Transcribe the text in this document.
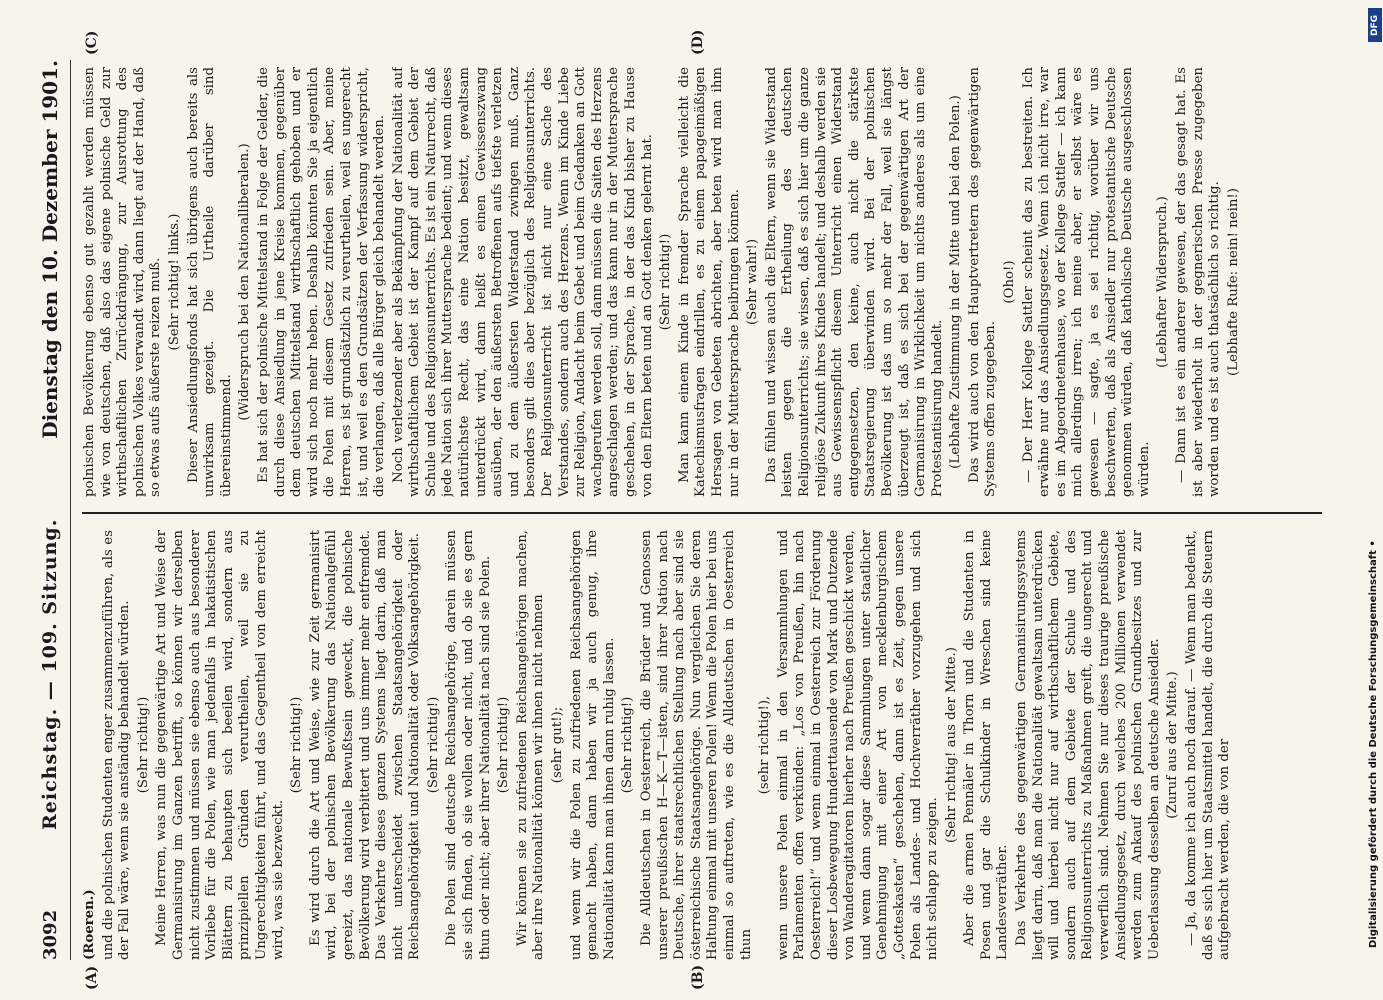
3092
Reichstag. — 109. Sitzung.
Dienstag den 10. Dezember 1901.
(A)	(B)
(C)	(D)

(Roeren.) und die polnischen Studenten enger zusammenzuführen, als es der Fall wäre, wenn sie anständig behandelt würden. (Sehr richtig!) Meine Herren, was nun die gegenwärtige Art und Weise der Germanisirung im Ganzen betrifft, so können wir derselben nicht zustimmen und müssen sie ebenso auch aus besonderer Vorliebe für die Polen, wie man jedenfalls in hakatistischen Blättern zu behaupten sich beeilen wird, sondern aus prinzipiellen Gründen verurtheilen, weil sie zu Ungerechtigkeiten führt, und das Gegentheil von dem erreicht wird, was sie bezweckt.

(Sehr richtig!) Es wird durch die Art und Weise, wie zur Zeit germanisirt wird, bei der polnischen Bevölkerung das Nationalgefühl gereizt, das nationale Bewußtsein geweckt, die polnische Bevölkerung wird verbittert und uns immer mehr entfremdet. Das Verkehrte dieses ganzen Systems liegt darin, daß man nicht unterscheidet zwischen Staatsangehörigkeit oder Reichsangehörigkeit und Nationalität oder Volksangehörigkeit. (Sehr richtig!) Die Polen sind deutsche Reichsangehörige, darein müssen sie sich finden, ob sie wollen oder nicht, und ob sie es gern thun oder nicht; aber ihrer Nationalität nach sind sie Polen. (Sehr richtig!) Wir können sie zu zufriedenen Reichsangehörigen machen, aber ihre Nationalität können wir ihnen nicht nehmen (sehr gut!); und wenn wir die Polen zu zufriedenen Reichsangehörigen gemacht haben, dann haben wir ja auch genug, ihre Nationalität kann man ihnen dann ruhig lassen. (Sehr richtig!) Die Alldeutschen in Oesterreich, die Brüder und Genossen unserer preußischen H—K—T—isten, sind ihrer Nation nach Deutsche, ihrer staatsrechtlichen Stellung nach aber sind sie österreichische Staatsangehörige. Nun vergleichen Sie deren Haltung einmal mit unseren Polen! Wenn die Polen hier bei uns einmal so auftreten, wie es die Alldeutschen in Oesterreich thun

(sehr richtig!), wenn unsere Polen einmal in den Versammlungen und Parlamenten offen verkünden: „Los von Preußen, hin nach Oesterreich!“ und wenn einmal in Oesterreich zur Förderung dieser Losbewegung Hunderttausende von Mark und Dutzende von Wanderagitatoren hierher nach Preußen geschickt werden, und wenn dann sogar diese Sammlungen unter staatlicher Genehmigung mit einer Art von mecklenburgischem „Gotteskasten“ geschehen, dann ist es Zeit, gegen unsere Polen als Landes- und Hochverräther vorzugehen und sich nicht schlapp zu zeigen.

(Sehr richtig! aus der Mitte.) Aber die armen Pennäler in Thorn und die Studenten in Posen und gar die Schulkinder in Wreschen sind keine Landesverräther. Das Verkehrte des gegenwärtigen Germanisirungssystems liegt darin, daß man die Nationalität gewaltsam unterdrücken will und hierbei nicht nur auf wirthschaftlichem Gebiete, sondern auch auf dem Gebiete der Schule und des Religionsunterrichts zu Maßnahmen greift, die ungerecht und verwerflich sind. Nehmen Sie nur dieses traurige preußische Ansiedlungsgesetz, durch welches 200 Millionen verwendet werden zum Ankauf des polnischen Grundbesitzes und zur Ueberlassung desselben an deutsche Ansiedler. (Zuruf aus der Mitte.) — Ja, da komme ich auch noch darauf. — Wenn man bedenkt, daß es sich hier um Staatsmittel handelt, die durch die Steuern aufgebracht werden, die von der

polnischen Bevölkerung ebenso gut gezahlt werden müssen wie von deutschen, daß also das eigene polnische Geld zur wirthschaftlichen Zurückdrängung, zur Ausrottung des polnischen Volkes verwandt wird, dann liegt auf der Hand, daß so etwas aufs äußerste reizen muß. (Sehr richtig! links.) Dieser Ansiedlungsfonds hat sich übrigens auch bereits als unwirksam gezeigt. Die Urtheile darüber sind übereinstimmend.

(Widerspruch bei den Nationalliberalen.) Es hat sich der polnische Mittelstand in Folge der Gelder, die durch diese Ansiedlung in jene Kreise kommen, gegenüber dem deutschen Mittelstand wirthschaftlich gehoben und er wird sich noch mehr heben. Deshalb könnten Sie ja eigentlich die Polen mit diesem Gesetz zufrieden sein. Aber, meine Herren, es ist grundsätzlich zu verurtheilen, weil es ungerecht ist, und weil es den Grundsätzen der Verfassung widerspricht, die verlangen, daß alle Bürger gleich behandelt werden. Noch verletzender aber als Bekämpfung der Nationalität auf wirthschaftlichem Gebiet ist der Kampf auf dem Gebiet der Schule und des Religionsunterrichts. Es ist ein Naturrecht, daß jede Nation sich ihrer Muttersprache bedient; und wenn dieses natürlichste Recht, das eine Nation besitzt, gewaltsam unterdrückt wird, dann heißt es einen Gewissenszwang ausüben, der den äußersten Betroffenen aufs tiefste verletzen und zu dem äußersten Widerstand zwingen muß. Ganz besonders gilt dies aber bezüglich des Religionsunterrichts. Der Religionsunterricht ist nicht nur eine Sache des Verstandes, sondern auch des Herzens. Wenn im Kinde Liebe zur Religion, Andacht beim Gebet und beim Gedanken an Gott wachgerufen werden soll, dann müssen die Saiten des Herzens angeschlagen werden; und das kann nur in der Muttersprache geschehen, in der Sprache, in der das Kind bisher zu Hause von den Eltern beten und an Gott denken gelernt hat. (Sehr richtig!) Man kann einem Kinde in fremder Sprache vielleicht die Katechismusfragen eindrillen, es zu einem papageimäßigen Hersagen von Gebeten abrichten, aber beten wird man ihm nur in der Muttersprache beibringen können. (Sehr wahr!) Das fühlen und wissen auch die Eltern, wenn sie Widerstand leisten gegen die Ertheilung des deutschen Religionsunterrichts; sie wissen, daß es sich hier um die ganze religiöse Zukunft ihres Kindes handelt; und deshalb werden sie aus Gewissenspflicht diesem Unterricht einen Widerstand entgegensetzen, den keine, auch nicht die stärkste Staatsregierung überwinden wird. Bei der polnischen Bevölkerung ist das um so mehr der Fall, weil sie längst überzeugt ist, daß es sich bei der gegenwärtigen Art der Germanisirung in Wirklichkeit um nichts anderes als um eine Protestantisirung handelt. (Lebhafte Zustimmung in der Mitte und bei den Polen.) Das wird auch von den Hauptvertretern des gegenwärtigen Systems offen zugegeben.

(Oho!) — Der Herr Kollege Sattler scheint das zu bestreiten. Ich erwähne nur das Ansiedlungsgesetz. Wenn ich nicht irre, war es im Abgeordnetenhause, wo der Kollege Sattler — ich kann mich allerdings irren; ich meine aber, er selbst wäre es gewesen — sagte, ja es sei richtig, worüber wir uns beschwerten, daß als Ansiedler nur protestantische Deutsche genommen würden, daß katholische Deutsche ausgeschlossen würden.

(Lebhafter Widerspruch.) — Dann ist es ein anderer gewesen, der das gesagt hat. Es ist aber wiederholt in der gegnerischen Presse zugegeben worden und es ist auch thatsächlich so richtig. (Lebhafte Rufe: nein! nein!)

DFG
Digitalisierung gefördert durch die Deutsche Forschungsgemeinschaft •
